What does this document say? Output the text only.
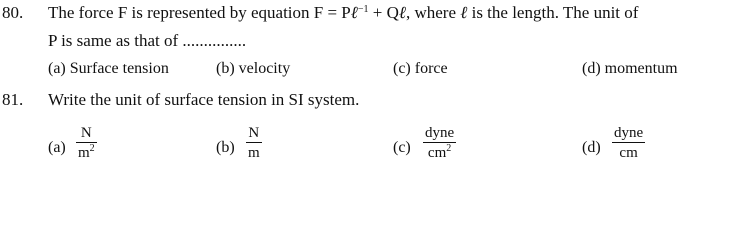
80. The force F is represented by equation F = Pℓ$^{-1}$ + Qℓ, where ℓ is the length. The unit of
P is same as that of ...............
(a) Surface tension	(b) velocity	(c) force	(d) momentum
81. Write the unit of surface tension in SI system.
(a)
N
$m^2$	(b)
N
m	(c)
dyne
$cm^2$	(d)
dyne
cm
